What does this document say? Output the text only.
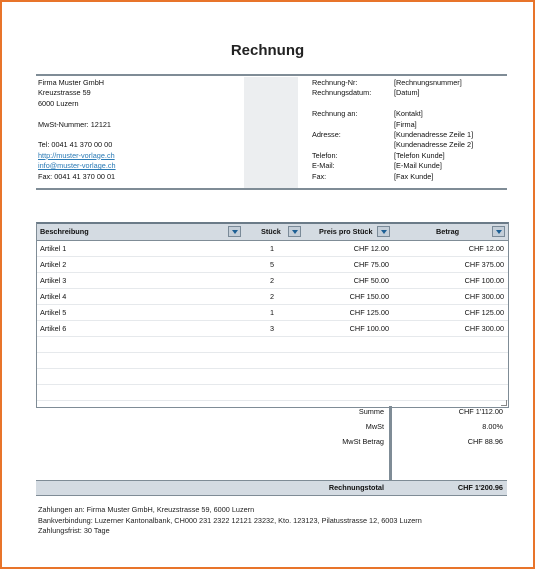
Rechnung
Firma Muster GmbH
Kreuzstrasse 59
6000 Luzern
MwSt-Nummer: 12121
Tel: 0041 41 370 00 00
http://muster-vorlage.ch
info@muster-vorlage.ch
Fax: 0041 41 370 00 01
Rechnung-Nr:	[Rechnungsnummer]
Rechnungsdatum:	[Datum]
Rechnung an:	[Kontakt]
[Firma]
Adresse:	[Kundenadresse Zeile 1]
[Kundenadresse Zeile 2]
Telefon:	[Telefon Kunde]
E-Mail:	[E-Mail Kunde]
Fax:	[Fax Kunde]
Beschreibung	Stück	Preis pro Stück	Betrag
Artikel 1	1	CHF 12.00	CHF 12.00
Artikel 2	5	CHF 75.00	CHF 375.00
Artikel 3	2	CHF 50.00	CHF 100.00
Artikel 4	2	CHF 150.00	CHF 300.00
Artikel 5	1	CHF 125.00	CHF 125.00
Artikel 6	3	CHF 100.00	CHF 300.00
Summe	CHF 1'112.00
MwSt	8.00%
MwSt Betrag	CHF 88.96
Rechnungstotal	CHF 1'200.96
Zahlungen an: Firma Muster GmbH, Kreuzstrasse 59, 6000 Luzern
Bankverbindung: Luzerner Kantonalbank, CH000 231 2322 12121 23232, Kto. 123123, Pilatusstrasse 12, 6003 Luzern
Zahlungsfrist: 30 Tage
